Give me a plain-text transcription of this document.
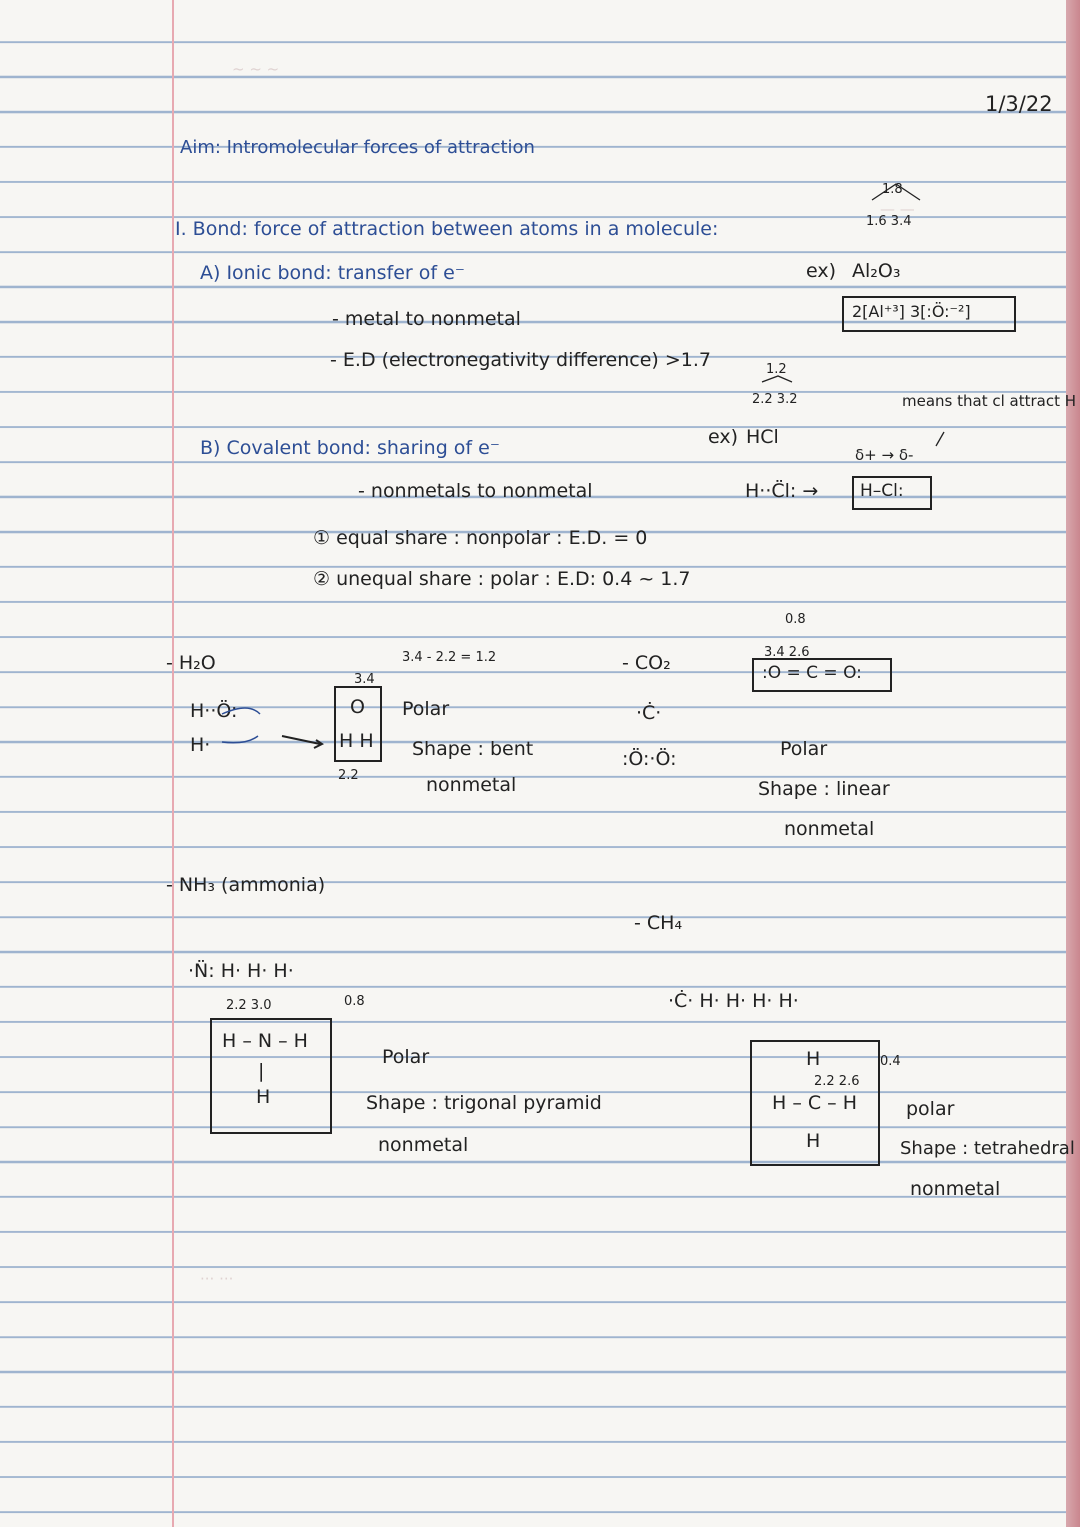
~ ~ ~
— —
··· ···
1/3/22
Aim: Intromolecular forces of attraction
I. Bond: force of attraction between atoms in a molecule:
A) Ionic bond: transfer of e⁻
- metal to nonmetal
- E.D (electronegativity difference) >1.7
1.8
1.6 3.4
ex) Al₂O₃
2[Al⁺³] 3[:Ö:⁻²]
B) Covalent bond: sharing of e⁻
- nonmetals to nonmetal
① equal share : nonpolar : E.D. = 0
② unequal share : polar : E.D: 0.4 ~ 1.7
1.2
2.2 3.2
ex) HCl
H··C̈l: → H–Cl:
δ+ → δ-
means that cl attract H
- H₂O
H··Ö:
H·
3.4
O
H H
2.2
3.4 - 2.2 = 1.2
Polar
Shape : bent
nonmetal
- CO₂
·Ċ·
:Ö:·Ö:
0.8
3.4 2.6
:O = C = O:
Polar
Shape : linear
nonmetal
- NH₃ (ammonia)
·N̈: H· H· H·
2.2 3.0	0.8
H – N – H
|
H
Polar
Shape : trigonal pyramid
nonmetal
- CH₄
·Ċ· H· H· H· H·
H
2.2 2.6
H – C – H
H
0.4
polar
Shape : tetrahedral
nonmetal
